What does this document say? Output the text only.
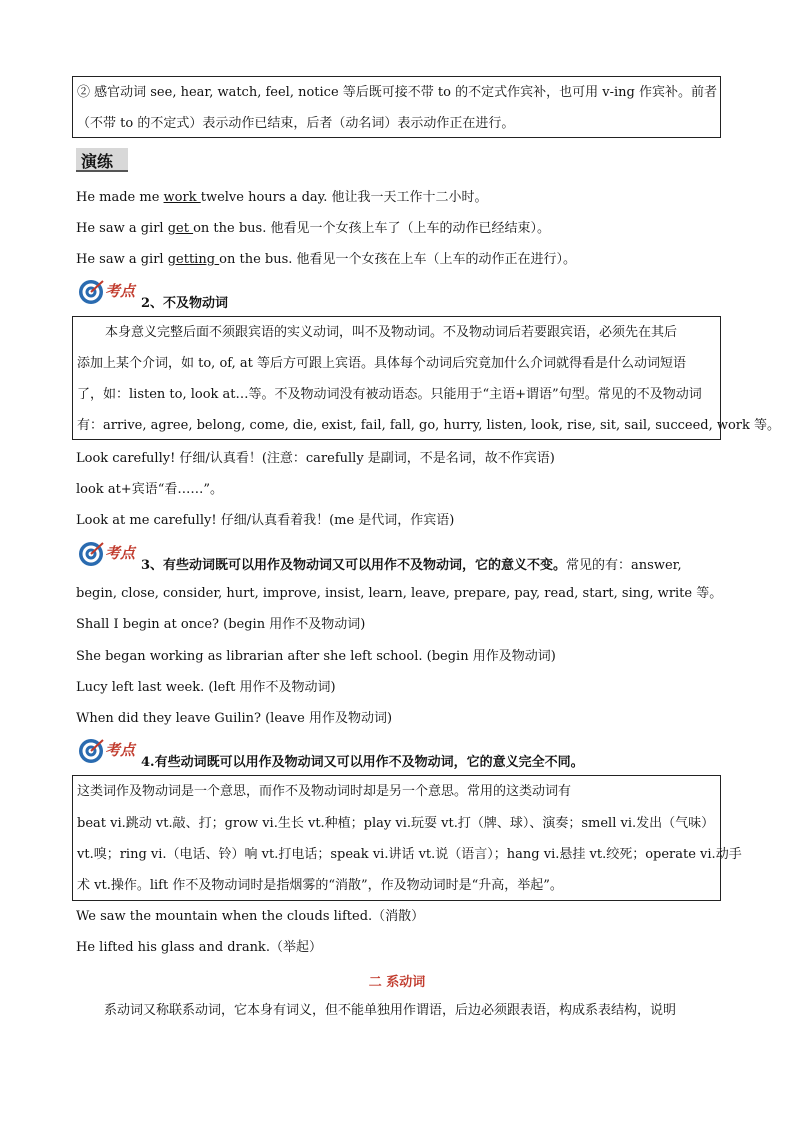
② 感官动词 see, hear, watch, feel, notice 等后既可接不带 to 的不定式作宾补，也可用 v-ing 作宾补。前者
（不带 to 的不定式）表示动作已结束，后者（动名词）表示动作正在进行。
演练
He made me work twelve hours a day. 他让我一天工作十二小时。
He saw a girl get on the bus. 他看见一个女孩上车了（上车的动作已经结束）。
He saw a girl getting on the bus. 他看见一个女孩在上车（上车的动作正在进行）。
考点
2、不及物动词
本身意义完整后面不须跟宾语的实义动词，叫不及物动词。不及物动词后若要跟宾语，必须先在其后
添加上某个介词，如 to, of, at 等后方可跟上宾语。具体每个动词后究竟加什么介词就得看是什么动词短语
了，如：listen to, look at…等。不及物动词没有被动语态。只能用于“主语+谓语”句型。常见的不及物动词
有：arrive, agree, belong, come, die, exist, fail, fall, go, hurry, listen, look, rise, sit, sail, succeed, work 等。
Look carefully! 仔细/认真看！(注意：carefully 是副词，不是名词，故不作宾语)
look at+宾语“看……”。
Look at me carefully! 仔细/认真看着我！(me 是代词，作宾语)
考点
3、有些动词既可以用作及物动词又可以用作不及物动词，它的意义不变。常见的有：answer,
begin, close, consider, hurt, improve, insist, learn, leave, prepare, pay, read, start, sing, write 等。
Shall I begin at once? (begin 用作不及物动词)
She began working as librarian after she left school. (begin 用作及物动词)
Lucy left last week. (left 用作不及物动词)
When did they leave Guilin? (leave 用作及物动词)
考点
4.有些动词既可以用作及物动词又可以用作不及物动词，它的意义完全不同。
这类词作及物动词是一个意思，而作不及物动词时却是另一个意思。常用的这类动词有
beat vi.跳动 vt.敲、打；grow vi.生长 vt.种植；play vi.玩耍 vt.打（牌、球）、演奏；smell vi.发出（气味）
vt.嗅；ring vi.（电话、铃）响 vt.打电话；speak vi.讲话 vt.说（语言）；hang vi.悬挂 vt.绞死；operate vi.动手
术 vt.操作。lift 作不及物动词时是指烟雾的“消散”，作及物动词时是“升高，举起”。
We saw the mountain when the clouds lifted.（消散）
He lifted his glass and drank.（举起）
二 系动词
系动词又称联系动词，它本身有词义，但不能单独用作谓语，后边必须跟表语，构成系表结构，说明
